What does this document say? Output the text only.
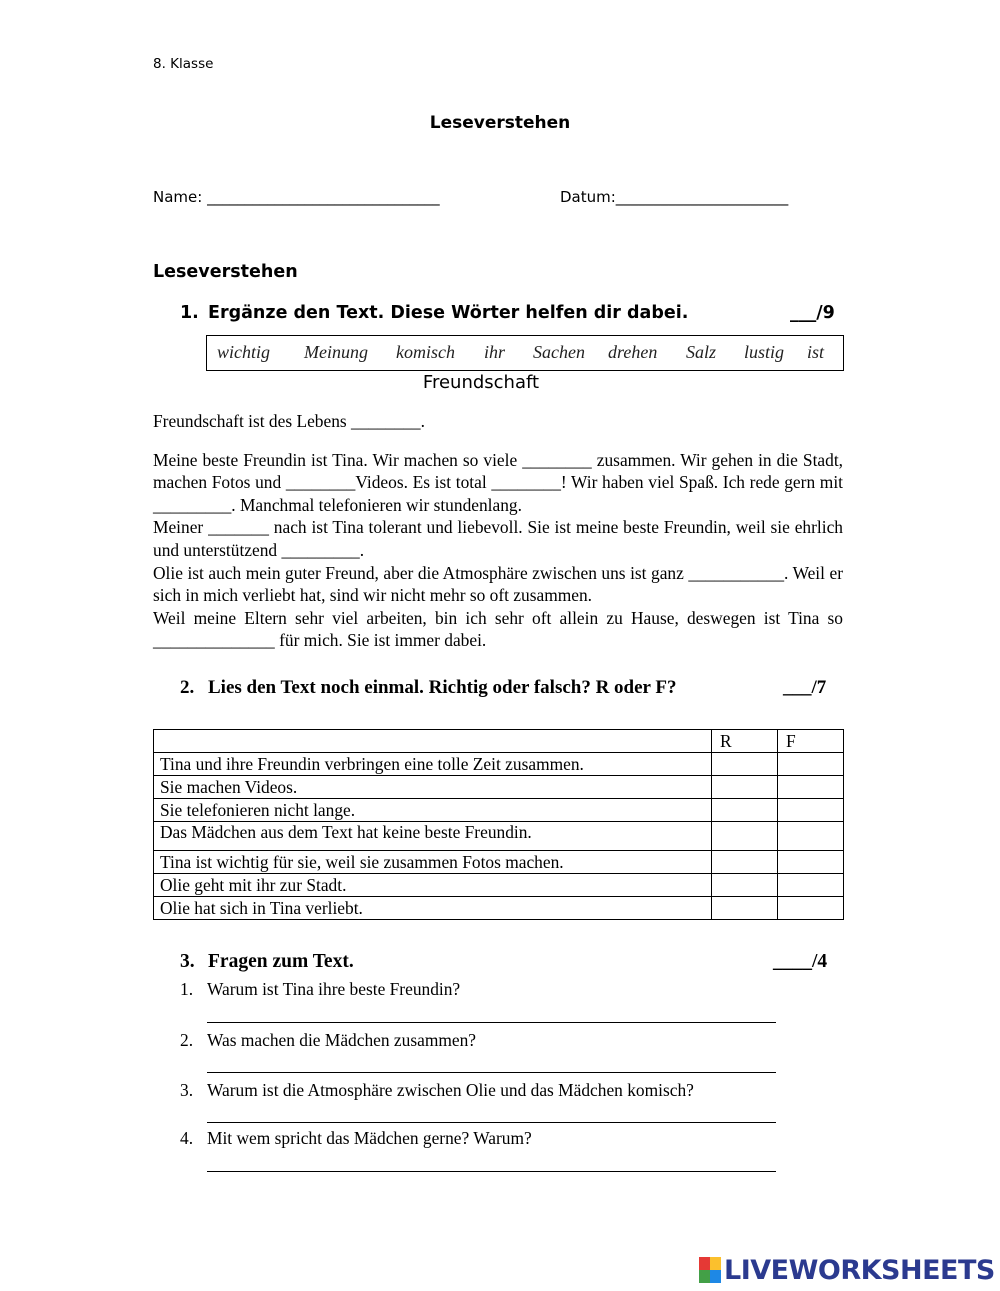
8. Klasse
Leseverstehen
Name: _______________________________	Datum:_______________________
Leseverstehen
1. Ergänze den Text. Diese Wörter helfen dir dabei.	___/9
wichtig Meinung komisch ihr Sachen drehen Salz lustig ist
Freundschaft

Freundschaft ist des Lebens ________.

Meine beste Freundin ist Tina. Wir machen so viele ________ zusammen. Wir gehen in die Stadt, machen Fotos und ________Videos. Es ist total ________! Wir haben viel Spaß. Ich rede gern mit _________. Manchmal telefonieren wir stundenlang.

Meiner _______ nach ist Tina tolerant und liebevoll. Sie ist meine beste Freundin, weil sie ehrlich und unterstützend _________.

Olie ist auch mein guter Freund, aber die Atmosphäre zwischen uns ist ganz ___________. Weil er sich in mich verliebt hat, sind wir nicht mehr so oft zusammen.

Weil meine Eltern sehr viel arbeiten, bin ich sehr oft allein zu Hause, deswegen ist Tina so ______________ für mich. Sie ist immer dabei.

2. Lies den Text noch einmal. Richtig oder falsch? R oder F?	___/7
	R	F
Tina und ihre Freundin verbringen eine tolle Zeit zusammen.		
Sie machen Videos.		
Sie telefonieren nicht lange.		
Das Mädchen aus dem Text hat keine beste Freundin.		
Tina ist wichtig für sie, weil sie zusammen Fotos machen.		
Olie geht mit ihr zur Stadt.		
Olie hat sich in Tina verliebt.		
3. Fragen zum Text.	____/4
1. Warum ist Tina ihre beste Freundin?
2. Was machen die Mädchen zusammen?
3. Warum ist die Atmosphäre zwischen Olie und das Mädchen komisch?
4. Mit wem spricht das Mädchen gerne? Warum?
LIVEWORKSHEETS
